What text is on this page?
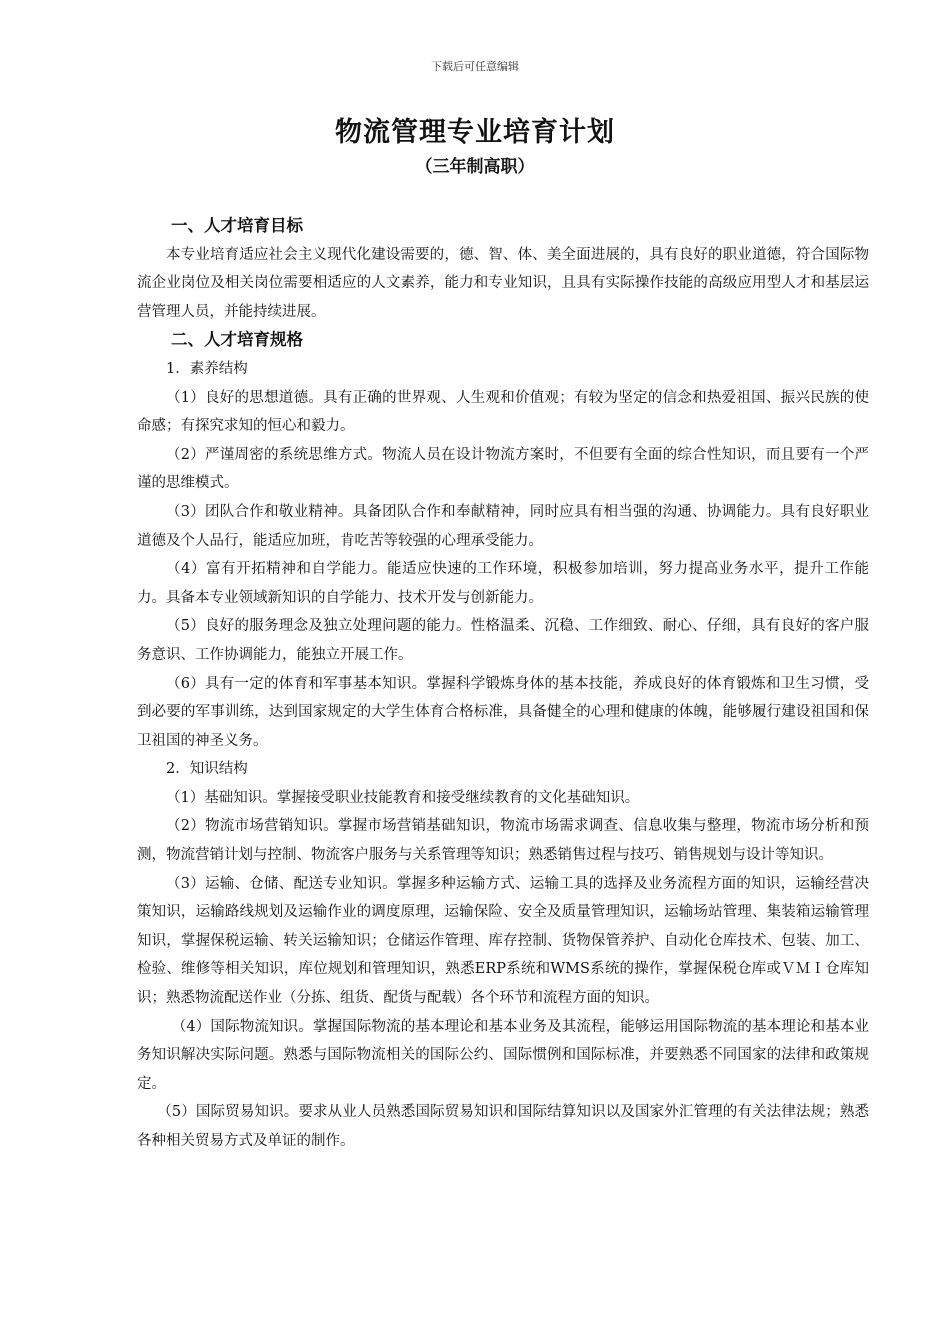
下载后可任意编辑
物流管理专业培育计划
（三年制高职）

一、人才培育目标

本专业培育适应社会主义现代化建设需要的，德、智、体、美全面进展的，具有良好的职业道德，符合国际物流企业岗位及相关岗位需要相适应的人文素养，能力和专业知识，且具有实际操作技能的高级应用型人才和基层运营管理人员，并能持续进展。

二、人才培育规格

1．素养结构

（1）良好的思想道德。具有正确的世界观、人生观和价值观；有较为坚定的信念和热爱祖国、振兴民族的使命感；有探究求知的恒心和毅力。

（2）严谨周密的系统思维方式。物流人员在设计物流方案时，不但要有全面的综合性知识，而且要有一个严谨的思维模式。

（3）团队合作和敬业精神。具备团队合作和奉献精神，同时应具有相当强的沟通、协调能力。具有良好职业道德及个人品行，能适应加班，肯吃苦等较强的心理承受能力。

（4）富有开拓精神和自学能力。能适应快速的工作环境，积极参加培训，努力提高业务水平，提升工作能力。具备本专业领域新知识的自学能力、技术开发与创新能力。

（5）良好的服务理念及独立处理问题的能力。性格温柔、沉稳、工作细致、耐心、仔细，具有良好的客户服务意识、工作协调能力，能独立开展工作。

（6）具有一定的体育和军事基本知识。掌握科学锻炼身体的基本技能，养成良好的体育锻炼和卫生习惯，受到必要的军事训练，达到国家规定的大学生体育合格标准，具备健全的心理和健康的体魄，能够履行建设祖国和保卫祖国的神圣义务。

2．知识结构

（1）基础知识。掌握接受职业技能教育和接受继续教育的文化基础知识。

（2）物流市场营销知识。掌握市场营销基础知识，物流市场需求调查、信息收集与整理，物流市场分析和预测，物流营销计划与控制、物流客户服务与关系管理等知识；熟悉销售过程与技巧、销售规划与设计等知识。

（3）运输、仓储、配送专业知识。掌握多种运输方式、运输工具的选择及业务流程方面的知识，运输经营决策知识，运输路线规划及运输作业的调度原理，运输保险、安全及质量管理知识，运输场站管理、集装箱运输管理知识，掌握保税运输、转关运输知识；仓储运作管理、库存控制、货物保管养护、自动化仓库技术、包装、加工、检验、维修等相关知识，库位规划和管理知识，熟悉ERP系统和WMS系统的操作，掌握保税仓库或ＶＭＩ仓库知识；熟悉物流配送作业（分拣、组货、配货与配载）各个环节和流程方面的知识。

（4）国际物流知识。掌握国际物流的基本理论和基本业务及其流程，能够运用国际物流的基本理论和基本业务知识解决实际问题。熟悉与国际物流相关的国际公约、国际惯例和国际标准，并要熟悉不同国家的法律和政策规定。

（5）国际贸易知识。要求从业人员熟悉国际贸易知识和国际结算知识以及国家外汇管理的有关法律法规；熟悉各种相关贸易方式及单证的制作。
